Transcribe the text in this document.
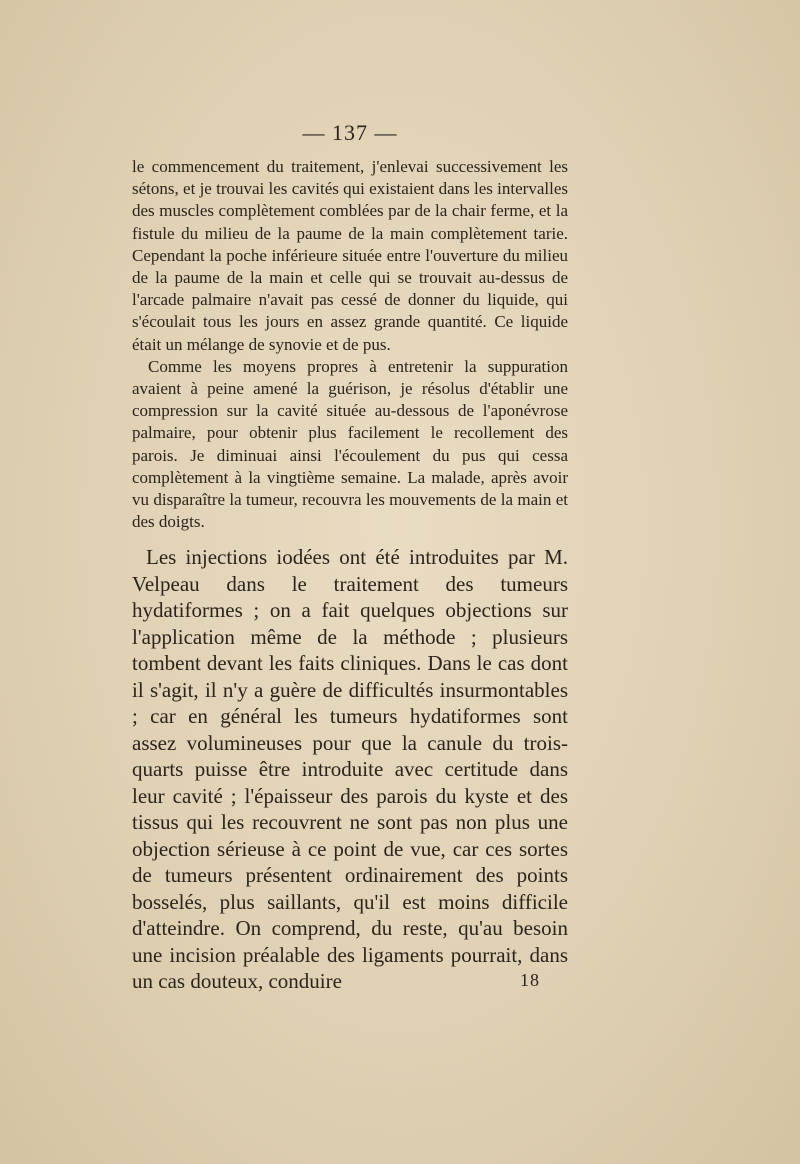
— 137 —

le commencement du traitement, j'enlevai successivement les sétons, et je trouvai les cavités qui existaient dans les intervalles des muscles complètement comblées par de la chair ferme, et la fistule du milieu de la paume de la main complètement tarie. Cependant la poche inférieure située entre l'ouverture du milieu de la paume de la main et celle qui se trouvait au-dessus de l'arcade palmaire n'avait pas cessé de donner du liquide, qui s'écoulait tous les jours en assez grande quantité. Ce liquide était un mélange de synovie et de pus.

Comme les moyens propres à entretenir la suppuration avaient à peine amené la guérison, je résolus d'établir une compression sur la cavité située au-dessous de l'aponévrose palmaire, pour obtenir plus facilement le recollement des parois. Je diminuai ainsi l'écoulement du pus qui cessa complètement à la vingtième semaine. La malade, après avoir vu disparaître la tumeur, recouvra les mouvements de la main et des doigts.

Les injections iodées ont été introduites par M. Velpeau dans le traitement des tumeurs hydatiformes ; on a fait quelques objections sur l'application même de la méthode ; plusieurs tombent devant les faits cliniques. Dans le cas dont il s'agit, il n'y a guère de difficultés insurmontables ; car en général les tumeurs hydatiformes sont assez volumineuses pour que la canule du trois-quarts puisse être introduite avec certitude dans leur cavité ; l'épaisseur des parois du kyste et des tissus qui les recouvrent ne sont pas non plus une objection sérieuse à ce point de vue, car ces sortes de tumeurs présentent ordinairement des points bosselés, plus saillants, qu'il est moins difficile d'atteindre. On comprend, du reste, qu'au besoin une incision préalable des ligaments pourrait, dans un cas douteux, conduire	18
